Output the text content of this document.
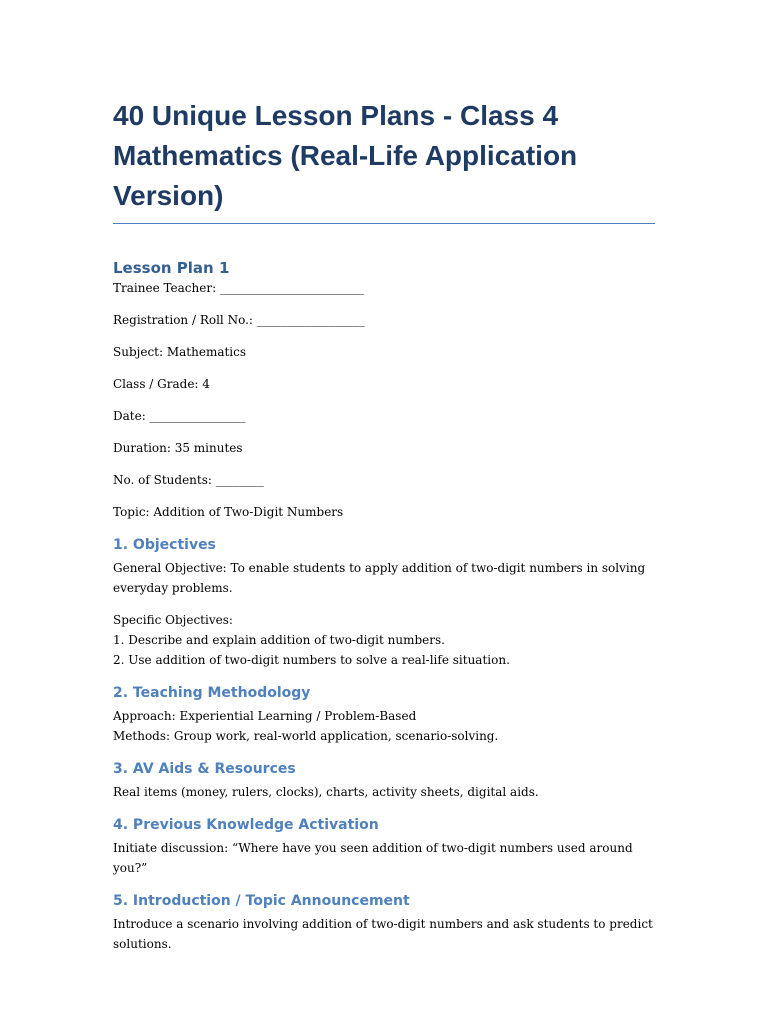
40 Unique Lesson Plans - Class 4 Mathematics (Real-Life Application Version)
Lesson Plan 1

Trainee Teacher: ________________________

Registration / Roll No.: __________________

Subject: Mathematics

Class / Grade: 4

Date: ________________

Duration: 35 minutes

No. of Students: ________

Topic: Addition of Two-Digit Numbers

1. Objectives

General Objective: To enable students to apply addition of two-digit numbers in solving everyday problems.

Specific Objectives:

1. Describe and explain addition of two-digit numbers.

2. Use addition of two-digit numbers to solve a real-life situation.

2. Teaching Methodology

Approach: Experiential Learning / Problem-Based

Methods: Group work, real-world application, scenario-solving.

3. AV Aids & Resources

Real items (money, rulers, clocks), charts, activity sheets, digital aids.

4. Previous Knowledge Activation

Initiate discussion: “Where have you seen addition of two-digit numbers used around you?”

5. Introduction / Topic Announcement

Introduce a scenario involving addition of two-digit numbers and ask students to predict solutions.
